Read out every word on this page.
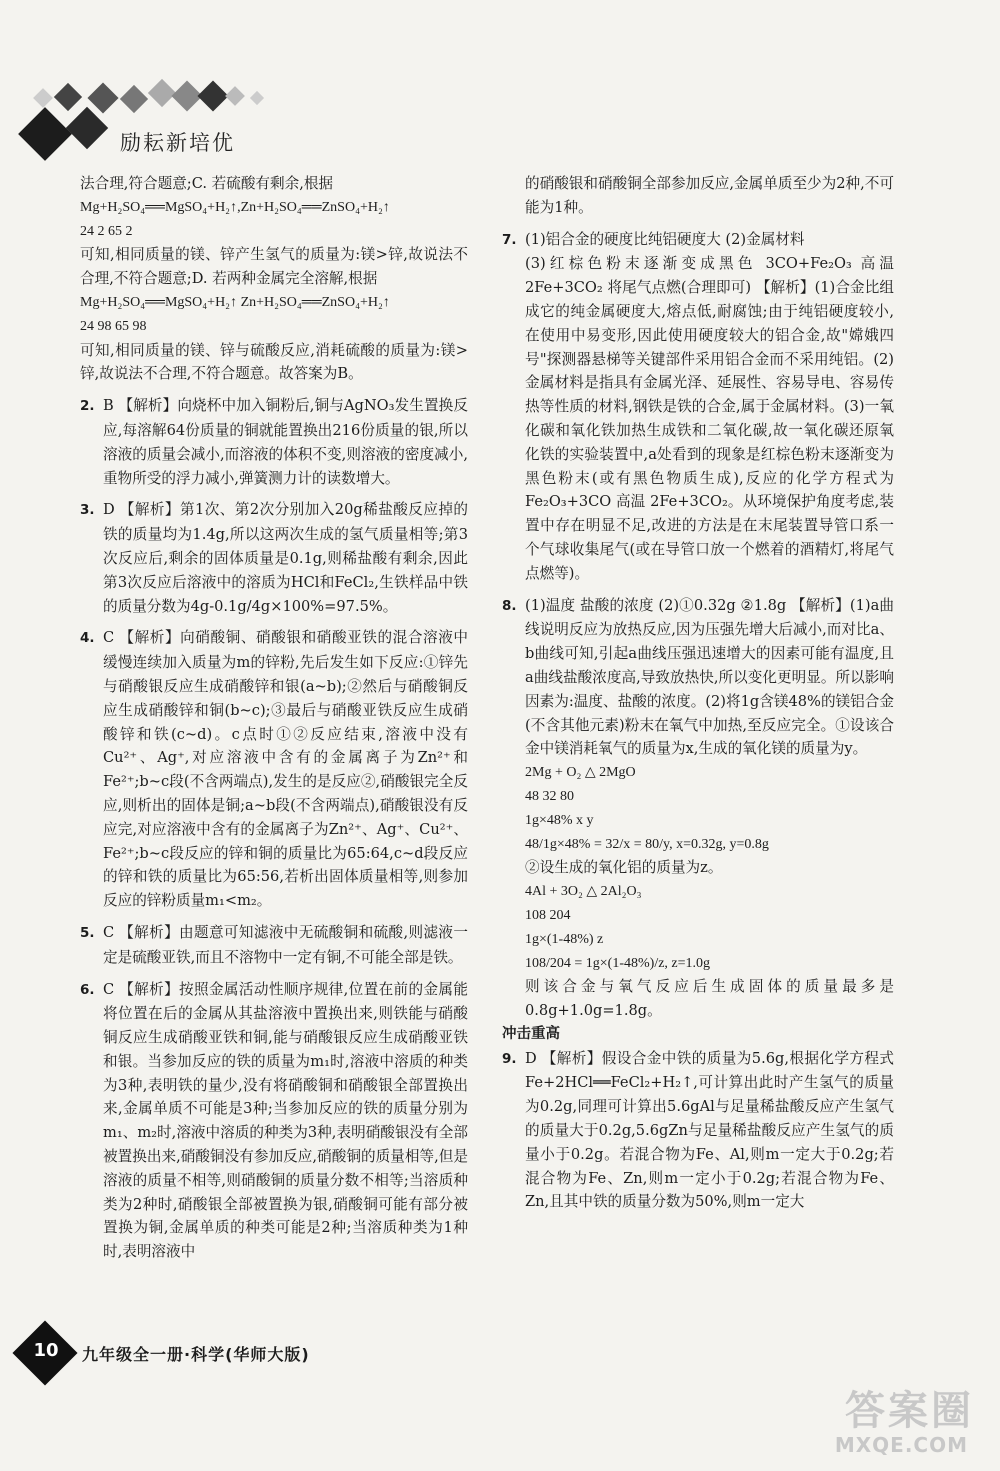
励耘新培优

法合理,符合题意;C. 若硫酸有剩余,根据

Mg+H₂SO₄══MgSO₄+H₂↑,Zn+H₂SO₄══ZnSO₄+H₂↑

24 2 65 2

可知,相同质量的镁、锌产生氢气的质量为:镁>锌,故说法不合理,不符合题意;D. 若两种金属完全溶解,根据

Mg+H₂SO₄══MgSO₄+H₂↑ Zn+H₂SO₄══ZnSO₄+H₂↑

24 98 65 98

可知,相同质量的镁、锌与硫酸反应,消耗硫酸的质量为:镁>锌,故说法不合理,不符合题意。故答案为B。

2. B 【解析】向烧杯中加入铜粉后,铜与AgNO₃发生置换反应,每溶解64份质量的铜就能置换出216份质量的银,所以溶液的质量会减小,而溶液的体积不变,则溶液的密度减小,重物所受的浮力减小,弹簧测力计的读数增大。

3. D 【解析】第1次、第2次分别加入20g稀盐酸反应掉的铁的质量均为1.4g,所以这两次生成的氢气质量相等;第3次反应后,剩余的固体质量是0.1g,则稀盐酸有剩余,因此第3次反应后溶液中的溶质为HCl和FeCl₂,生铁样品中铁的质量分数为4g-0.1g/4g×100%=97.5%。

4. C 【解析】向硝酸铜、硝酸银和硝酸亚铁的混合溶液中缓慢连续加入质量为m的锌粉,先后发生如下反应:①锌先与硝酸银反应生成硝酸锌和银(a~b);②然后与硝酸铜反应生成硝酸锌和铜(b~c);③最后与硝酸亚铁反应生成硝酸锌和铁(c~d)。c点时①②反应结束,溶液中没有Cu²⁺、Ag⁺,对应溶液中含有的金属离子为Zn²⁺和Fe²⁺;b~c段(不含两端点),发生的是反应②,硝酸银完全反应,则析出的固体是铜;a~b段(不含两端点),硝酸银没有反应完,对应溶液中含有的金属离子为Zn²⁺、Ag⁺、Cu²⁺、Fe²⁺;b~c段反应的锌和铜的质量比为65:64,c~d段反应的锌和铁的质量比为65:56,若析出固体质量相等,则参加反应的锌粉质量m₁<m₂。

5. C 【解析】由题意可知滤液中无硫酸铜和硫酸,则滤液一定是硫酸亚铁,而且不溶物中一定有铜,不可能全部是铁。

6. C 【解析】按照金属活动性顺序规律,位置在前的金属能将位置在后的金属从其盐溶液中置换出来,则铁能与硝酸铜反应生成硝酸亚铁和铜,能与硝酸银反应生成硝酸亚铁和银。当参加反应的铁的质量为m₁时,溶液中溶质的种类为3种,表明铁的量少,没有将硝酸铜和硝酸银全部置换出来,金属单质不可能是3种;当参加反应的铁的质量分别为m₁、m₂时,溶液中溶质的种类为3种,表明硝酸银没有全部被置换出来,硝酸铜没有参加反应,硝酸铜的质量相等,但是溶液的质量不相等,则硝酸铜的质量分数不相等;当溶质种类为2种时,硝酸银全部被置换为银,硝酸铜可能有部分被置换为铜,金属单质的种类可能是2种;当溶质种类为1种时,表明溶液中

的硝酸银和硝酸铜全部参加反应,金属单质至少为2种,不可能为1种。

7. (1)铝合金的硬度比纯铝硬度大 (2)金属材料

(3)红棕色粉末逐渐变成黑色 3CO+Fe₂O₃ 高温 2Fe+3CO₂ 将尾气点燃(合理即可) 【解析】(1)合金比组成它的纯金属硬度大,熔点低,耐腐蚀;由于纯铝硬度较小,在使用中易变形,因此使用硬度较大的铝合金,故"嫦娥四号"探测器悬梯等关键部件采用铝合金而不采用纯铝。(2)金属材料是指具有金属光泽、延展性、容易导电、容易传热等性质的材料,钢铁是铁的合金,属于金属材料。(3)一氧化碳和氧化铁加热生成铁和二氧化碳,故一氧化碳还原氧化铁的实验装置中,a处看到的现象是红棕色粉末逐渐变为黑色粉末(或有黑色物质生成),反应的化学方程式为Fe₂O₃+3CO 高温 2Fe+3CO₂。从环境保护角度考虑,装置中存在明显不足,改进的方法是在末尾装置导管口系一个气球收集尾气(或在导管口放一个燃着的酒精灯,将尾气点燃等)。

8. (1)温度 盐酸的浓度 (2)①0.32g ②1.8g 【解析】(1)a曲线说明反应为放热反应,因为压强先增大后减小,而对比a、b曲线可知,引起a曲线压强迅速增大的因素可能有温度,且a曲线盐酸浓度高,导致放热快,所以变化更明显。所以影响因素为:温度、盐酸的浓度。(2)将1g含镁48%的镁铝合金(不含其他元素)粉末在氧气中加热,至反应完全。①设该合金中镁消耗氧气的质量为x,生成的氧化镁的质量为y。

2Mg + O₂ △ 2MgO

48 32 80

1g×48% x y

48/1g×48% = 32/x = 80/y, x=0.32g, y=0.8g

②设生成的氧化铝的质量为z。

4Al + 3O₂ △ 2Al₂O₃

108 204

1g×(1-48%) z

108/204 = 1g×(1-48%)/z, z=1.0g

则该合金与氧气反应后生成固体的质量最多是0.8g+1.0g=1.8g。

冲击重高

9. D 【解析】假设合金中铁的质量为5.6g,根据化学方程式Fe+2HCl══FeCl₂+H₂↑,可计算出此时产生氢气的质量为0.2g,同理可计算出5.6gAl与足量稀盐酸反应产生氢气的质量大于0.2g,5.6gZn与足量稀盐酸反应产生氢气的质量小于0.2g。若混合物为Fe、Al,则m一定大于0.2g;若混合物为Fe、Zn,则m一定小于0.2g;若混合物为Fe、Zn,且其中铁的质量分数为50%,则m一定大

10	九年级全一册·科学(华师大版)
答案圈
MXQE.COM
